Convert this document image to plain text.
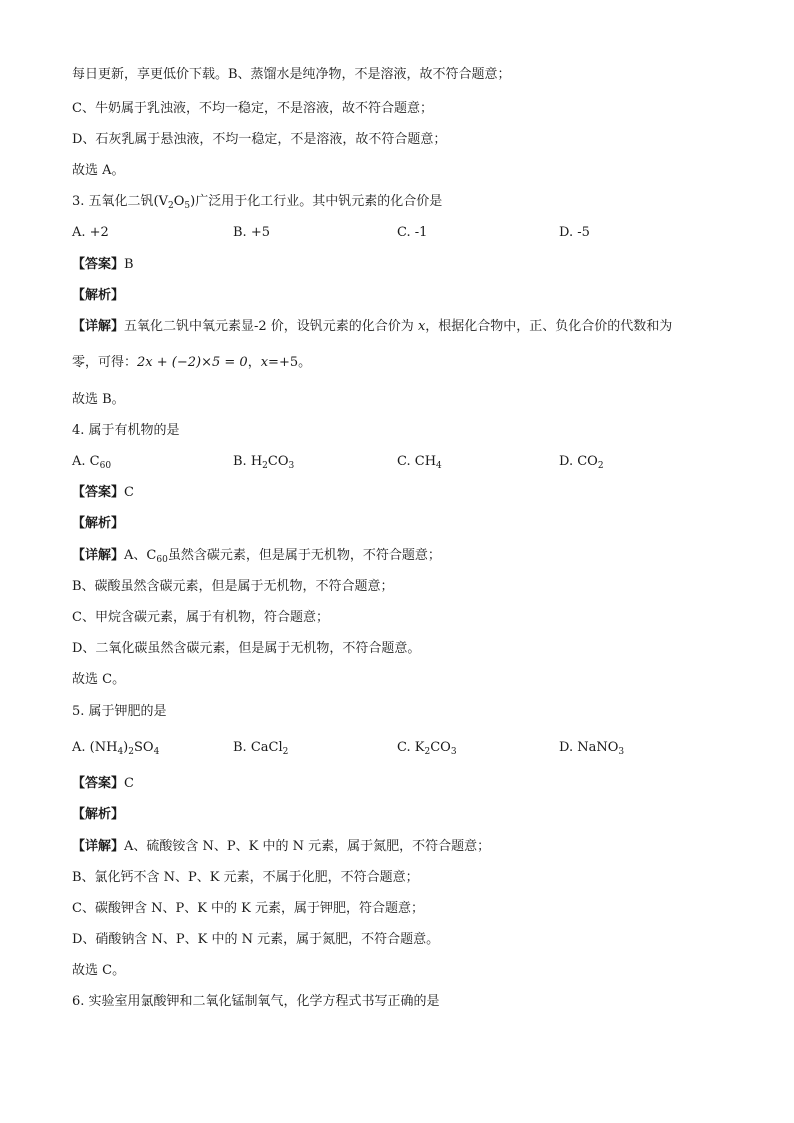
每日更新，享更低价下载。B、蒸馏水是纯净物，不是溶液，故不符合题意；
C、牛奶属于乳浊液，不均一稳定，不是溶液，故不符合题意；
D、石灰乳属于悬浊液，不均一稳定，不是溶液，故不符合题意；
故选 A。
3. 五氧化二钒$(V_2O_5)$广泛用于化工行业。其中钒元素的化合价是
A. +2	B. +5	C. -1	D. -5
【答案】B
【解析】
【详解】五氧化二钒中氧元素显-2 价，设钒元素的化合价为 x，根据化合物中，正、负化合价的代数和为
零，可得：2x + (−2)×5 = 0，x=+5。
故选 B。
4. 属于有机物的是
A. $C_{60}$	B. $H_2CO_3$	C. $CH_4$	D. $CO_2$
【答案】C
【解析】
【详解】A、$C_{60}$虽然含碳元素，但是属于无机物，不符合题意；
B、碳酸虽然含碳元素，但是属于无机物，不符合题意；
C、甲烷含碳元素，属于有机物，符合题意；
D、二氧化碳虽然含碳元素，但是属于无机物，不符合题意。
故选 C。
5. 属于钾肥的是
A. $(NH_4)_2SO_4$	B. CaCl$_2$	C. $K_2CO_3$	D. NaNO$_3$
【答案】C
【解析】
【详解】A、硫酸铵含 N、P、K 中的 N 元素，属于氮肥，不符合题意；
B、氯化钙不含 N、P、K 元素，不属于化肥，不符合题意；
C、碳酸钾含 N、P、K 中的 K 元素，属于钾肥，符合题意；
D、硝酸钠含 N、P、K 中的 N 元素，属于氮肥，不符合题意。
故选 C。
6. 实验室用氯酸钾和二氧化锰制氧气，化学方程式书写正确的是
